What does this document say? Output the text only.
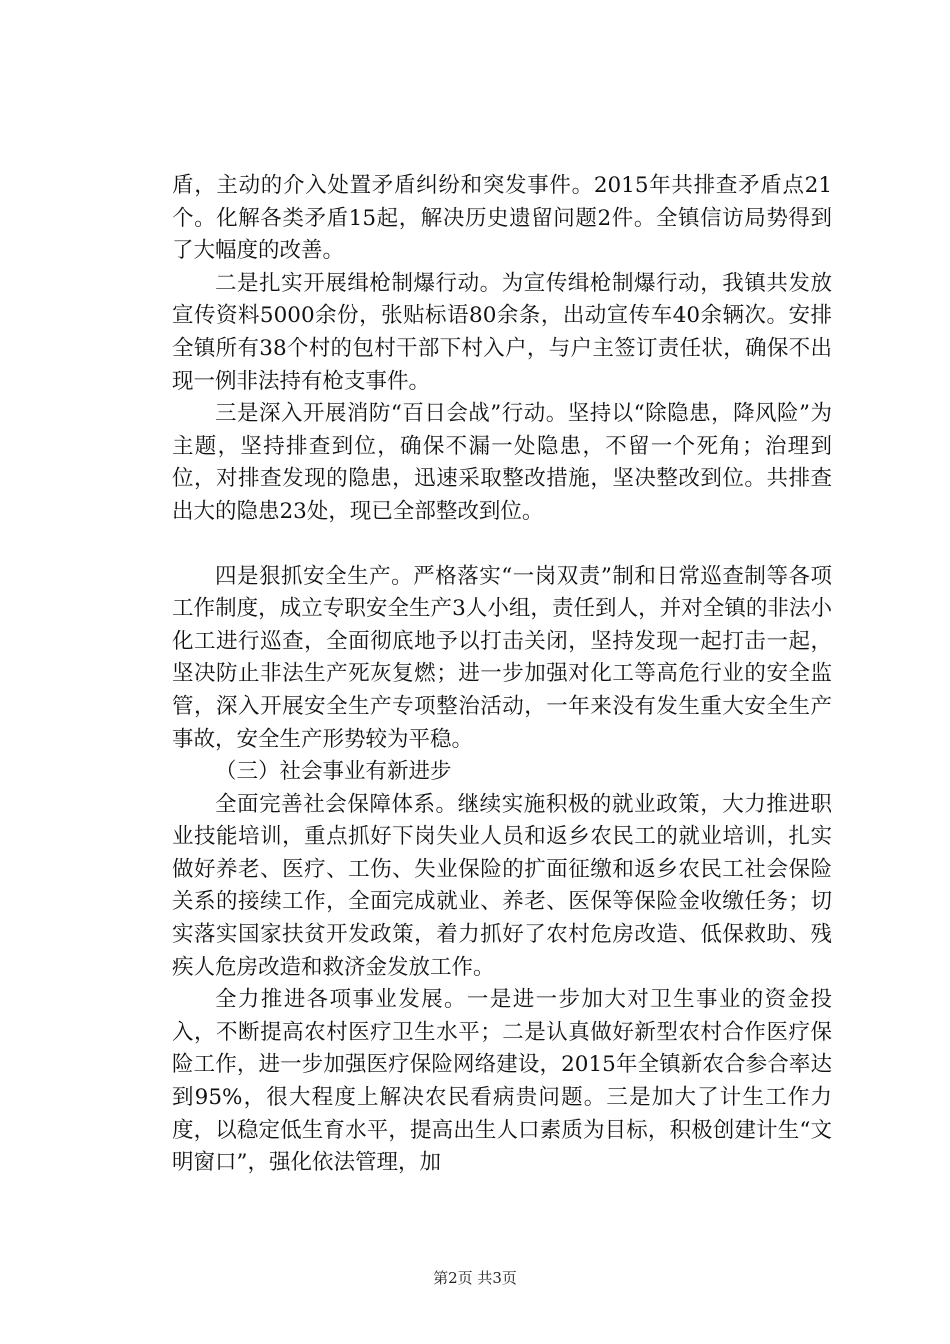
盾，主动的介入处置矛盾纠纷和突发事件。2015年共排查矛盾点21个。化解各类矛盾15起，解决历史遗留问题2件。全镇信访局势得到了大幅度的改善。

二是扎实开展缉枪制爆行动。为宣传缉枪制爆行动，我镇共发放宣传资料5000余份，张贴标语80余条，出动宣传车40余辆次。安排全镇所有38个村的包村干部下村入户，与户主签订责任状，确保不出现一例非法持有枪支事件。

三是深入开展消防“百日会战”行动。坚持以“除隐患，降风险”为主题，坚持排查到位，确保不漏一处隐患，不留一个死角；治理到位，对排查发现的隐患，迅速采取整改措施，坚决整改到位。共排查出大的隐患23处，现已全部整改到位。

四是狠抓安全生产。严格落实“一岗双责”制和日常巡查制等各项工作制度，成立专职安全生产3人小组，责任到人，并对全镇的非法小化工进行巡查，全面彻底地予以打击关闭，坚持发现一起打击一起，坚决防止非法生产死灰复燃；进一步加强对化工等高危行业的安全监管，深入开展安全生产专项整治活动，一年来没有发生重大安全生产事故，安全生产形势较为平稳。

（三）社会事业有新进步

全面完善社会保障体系。继续实施积极的就业政策，大力推进职业技能培训，重点抓好下岗失业人员和返乡农民工的就业培训，扎实做好养老、医疗、工伤、失业保险的扩面征缴和返乡农民工社会保险关系的接续工作，全面完成就业、养老、医保等保险金收缴任务；切实落实国家扶贫开发政策，着力抓好了农村危房改造、低保救助、残疾人危房改造和救济金发放工作。

全力推进各项事业发展。一是进一步加大对卫生事业的资金投入，不断提高农村医疗卫生水平；二是认真做好新型农村合作医疗保险工作，进一步加强医疗保险网络建设，2015年全镇新农合参合率达到95%，很大程度上解决农民看病贵问题。三是加大了计生工作力度，以稳定低生育水平，提高出生人口素质为目标，积极创建计生“文明窗口”，强化依法管理，加

第2页 共3页
